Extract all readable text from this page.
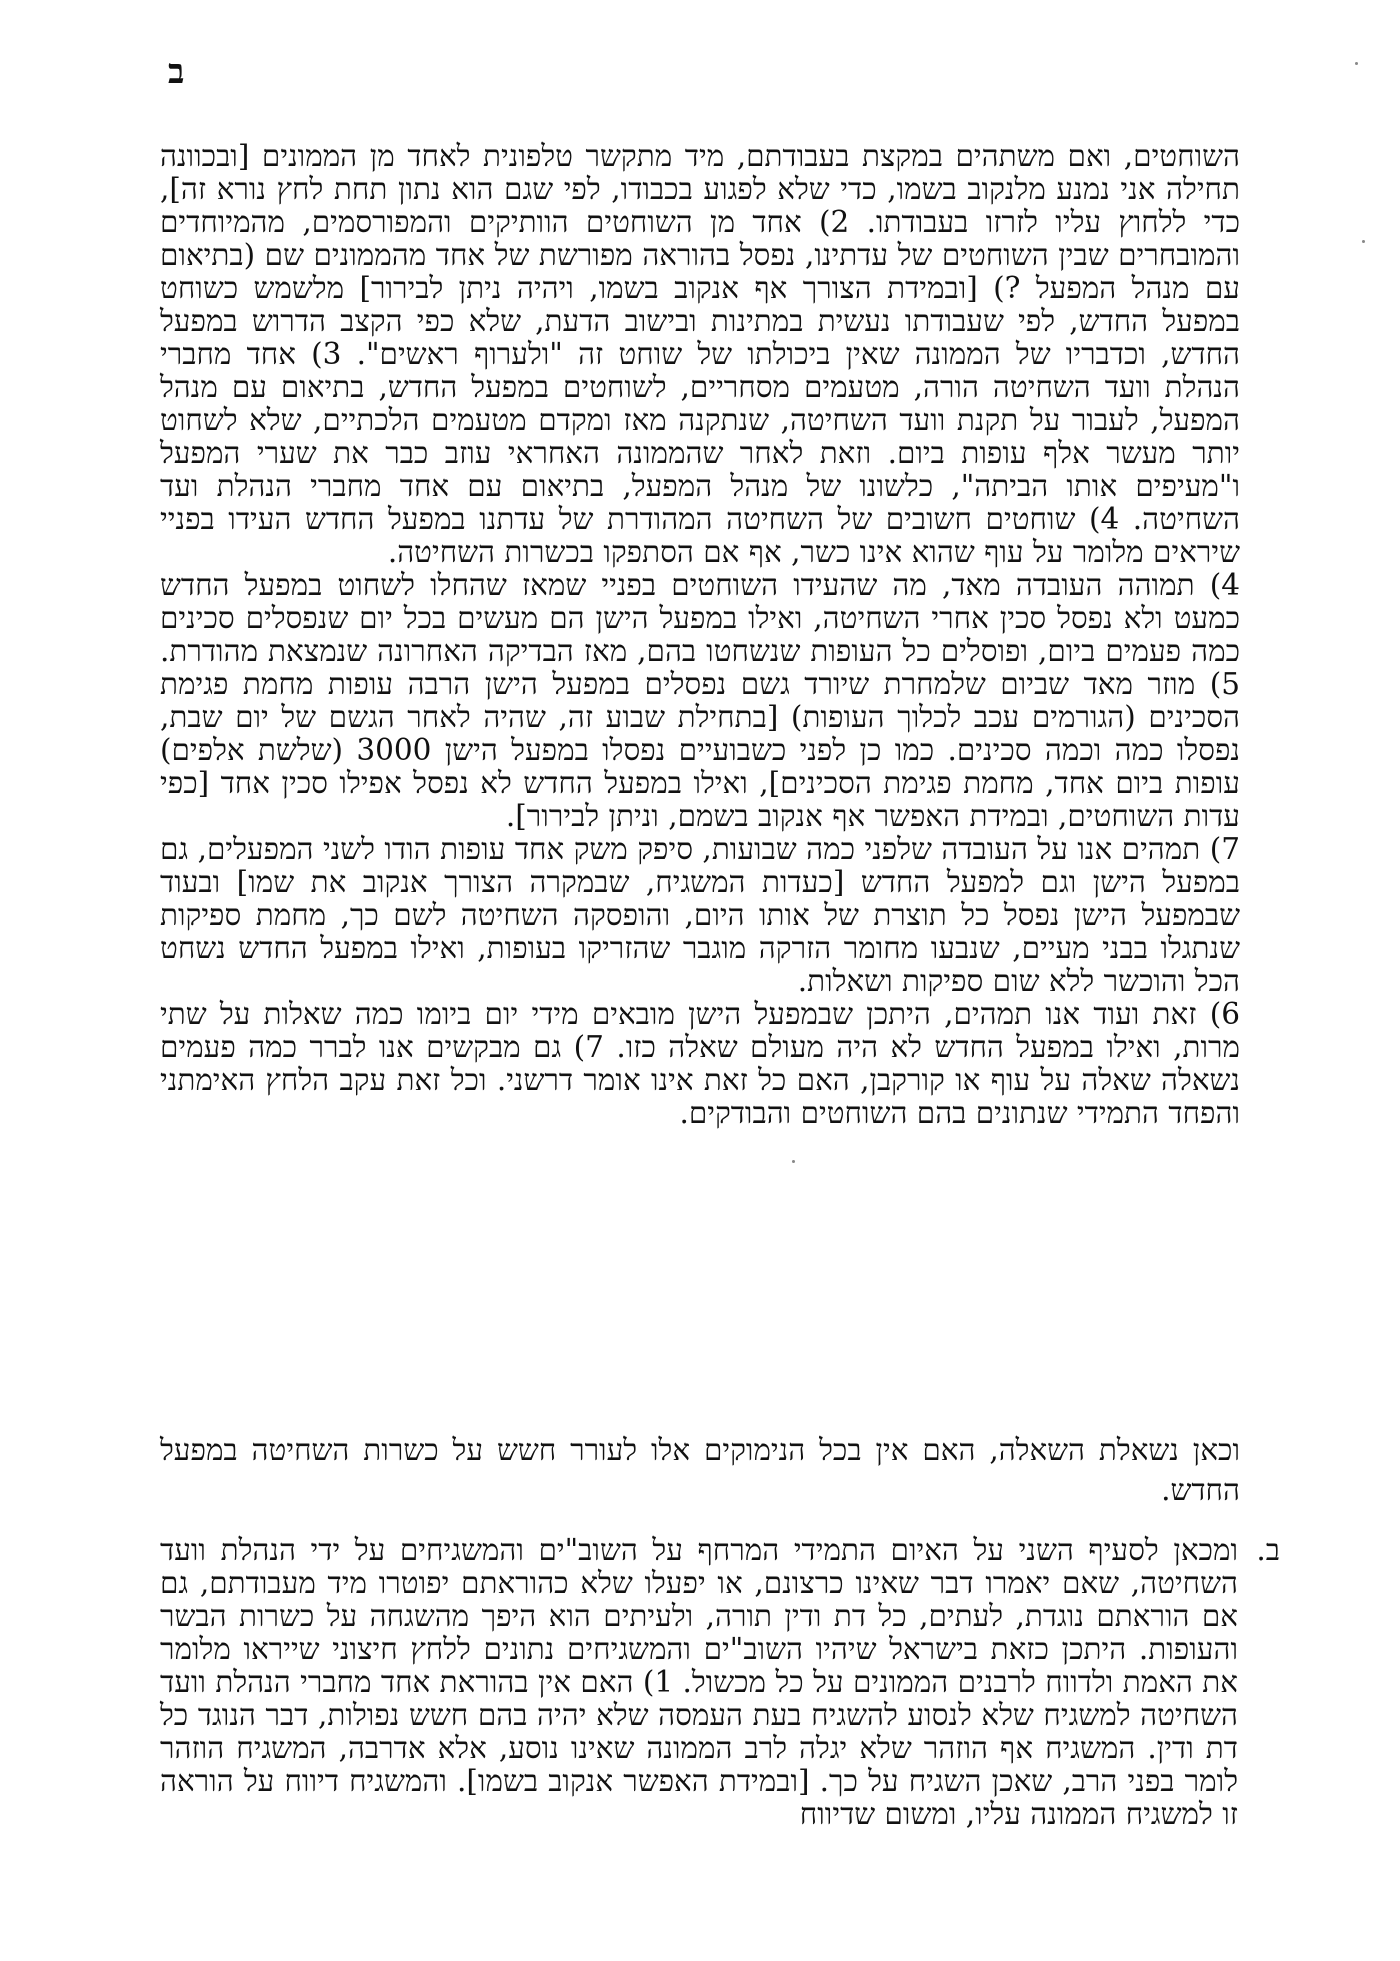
ב

השוחטים, ואם משתהים במקצת בעבודתם, מיד מתקשר טלפונית לאחד מן הממונים [ובכוונה תחילה אני נמנע מלנקוב בשמו, כדי שלא לפגוע בכבודו, לפי שגם הוא נתון תחת לחץ נורא זה], כדי ללחוץ עליו לזרזו בעבודתו. 2) אחד מן השוחטים הוותיקים והמפורסמים, מהמיוחדים והמובחרים שבין השוחטים של עדתינו, נפסל בהוראה מפורשת של אחד מהממונים שם (בתיאום עם מנהל המפעל ?) [ובמידת הצורך אף אנקוב בשמו, ויהיה ניתן לבירור] מלשמש כשוחט במפעל החדש, לפי שעבודתו נעשית במתינות ובישוב הדעת, שלא כפי הקצב הדרוש במפעל החדש, וכדבריו של הממונה שאין ביכולתו של שוחט זה "ולערוף ראשים". 3) אחד מחברי הנהלת וועד השחיטה הורה, מטעמים מסחריים, לשוחטים במפעל החדש, בתיאום עם מנהל המפעל, לעבור על תקנת וועד השחיטה, שנתקנה מאז ומקדם מטעמים הלכתיים, שלא לשחוט יותר מעשר אלף עופות ביום. וזאת לאחר שהממונה האחראי עוזב כבר את שערי המפעל ו"מעיפים אותו הביתה", כלשונו של מנהל המפעל, בתיאום עם אחד מחברי הנהלת ועד השחיטה. 4) שוחטים חשובים של השחיטה המהודרת של עדתנו במפעל החדש העידו בפניי שיראים מלומר על עוף שהוא אינו כשר, אף אם הסתפקו בכשרות השחיטה.

4) תמוהה העובדה מאד, מה שהעידו השוחטים בפניי שמאז שהחלו לשחוט במפעל החדש כמעט ולא נפסל סכין אחרי השחיטה, ואילו במפעל הישן הם מעשים בכל יום שנפסלים סכינים כמה פעמים ביום, ופוסלים כל העופות שנשחטו בהם, מאז הבדיקה האחרונה שנמצאת מהודרת. 5) מוזר מאד שביום שלמחרת שיורד גשם נפסלים במפעל הישן הרבה עופות מחמת פגימת הסכינים (הגורמים עכב לכלוך העופות) [בתחילת שבוע זה, שהיה לאחר הגשם של יום שבת, נפסלו כמה וכמה סכינים. כמו כן לפני כשבועיים נפסלו במפעל הישן 3000 (שלשת אלפים) עופות ביום אחד, מחמת פגימת הסכינים], ואילו במפעל החדש לא נפסל אפילו סכין אחד [כפי עדות השוחטים, ובמידת האפשר אף אנקוב בשמם, וניתן לבירור].

7) תמהים אנו על העובדה שלפני כמה שבועות, סיפק משק אחד עופות הודו לשני המפעלים, גם במפעל הישן וגם למפעל החדש [כעדות המשגיח, שבמקרה הצורך אנקוב את שמו] ובעוד שבמפעל הישן נפסל כל תוצרת של אותו היום, והופסקה השחיטה לשם כך, מחמת ספיקות שנתגלו בבני מעיים, שנבעו מחומר הזרקה מוגבר שהזריקו בעופות, ואילו במפעל החדש נשחט הכל והוכשר ללא שום ספיקות ושאלות.

6) זאת ועוד אנו תמהים, היתכן שבמפעל הישן מובאים מידי יום ביומו כמה שאלות על שתי מרות, ואילו במפעל החדש לא היה מעולם שאלה כזו. 7) גם מבקשים אנו לברר כמה פעמים נשאלה שאלה על עוף או קורקבן, האם כל זאת אינו אומר דרשני. וכל זאת עקב הלחץ האימתני והפחד התמידי שנתונים בהם השוחטים והבודקים.

וכאן נשאלת השאלה, האם אין בכל הנימוקים אלו לעורר חשש על כשרות השחיטה במפעל החדש.
ב.
ומכאן לסעיף השני על האיום התמידי המרחף על השוב"ים והמשגיחים על ידי הנהלת וועד השחיטה, שאם יאמרו דבר שאינו כרצונם, או יפעלו שלא כהוראתם יפוטרו מיד מעבודתם, גם אם הוראתם נוגדת, לעתים, כל דת ודין תורה, ולעיתים הוא היפך מהשגחה על כשרות הבשר והעופות. היתכן כזאת בישראל שיהיו השוב"ים והמשגיחים נתונים ללחץ חיצוני שייראו מלומר את האמת ולדווח לרבנים הממונים על כל מכשול. 1) האם אין בהוראת אחד מחברי הנהלת וועד השחיטה למשגיח שלא לנסוע להשגיח בעת העמסה שלא יהיה בהם חשש נפולות, דבר הנוגד כל דת ודין. המשגיח אף הוזהר שלא יגלה לרב הממונה שאינו נוסע, אלא אדרבה, המשגיח הוזהר לומר בפני הרב, שאכן השגיח על כך. [ובמידת האפשר אנקוב בשמו]. והמשגיח דיווח על הוראה זו למשגיח הממונה עליו, ומשום שדיווח
